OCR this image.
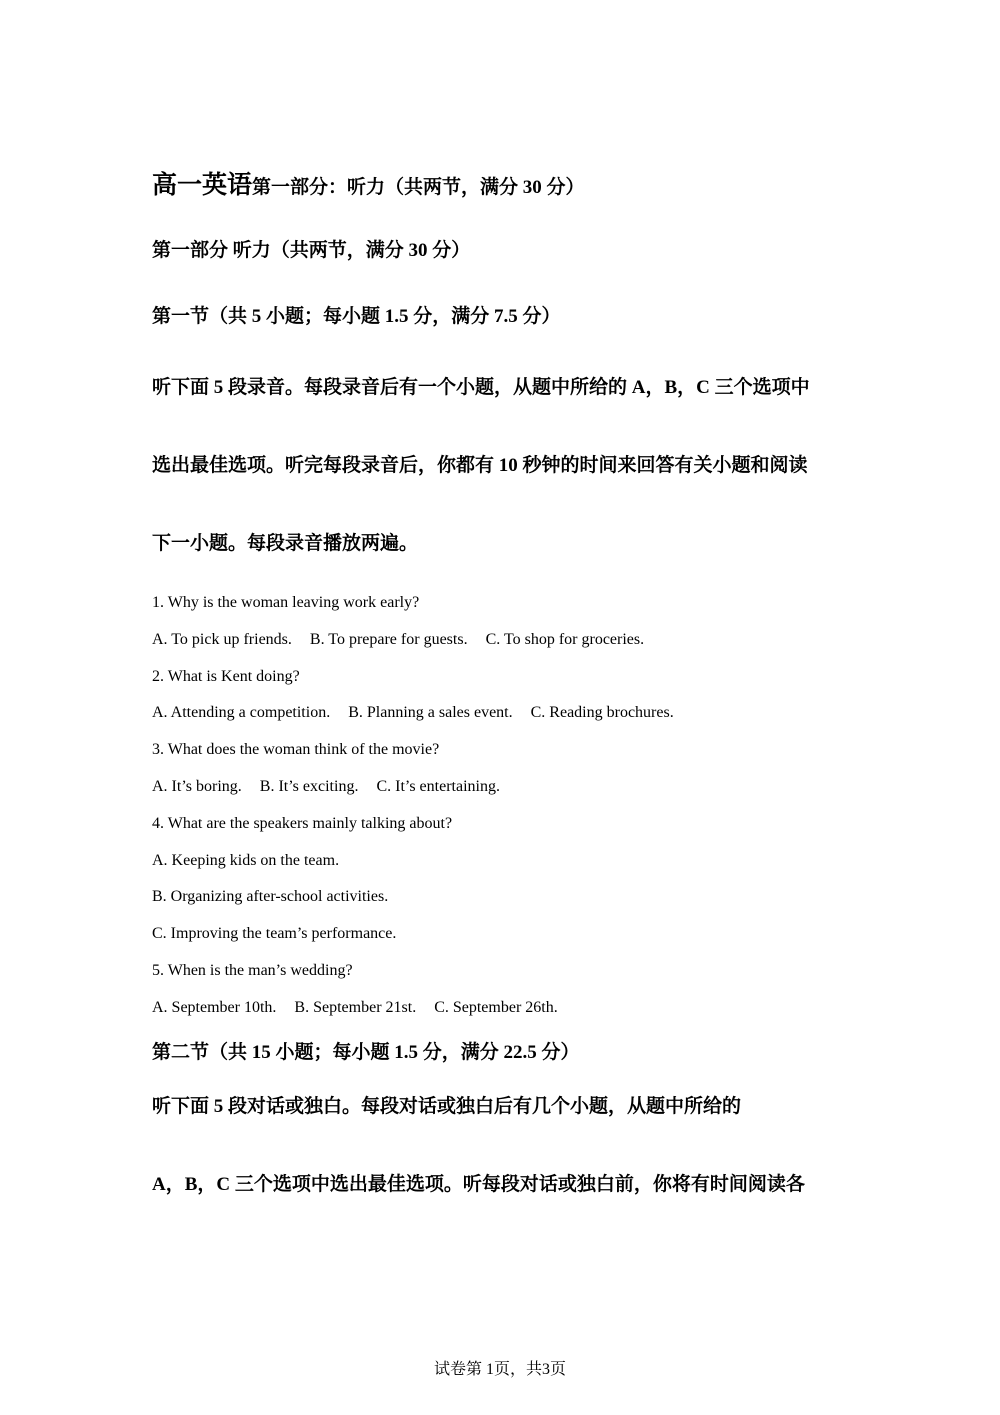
高一英语第一部分：听力（共两节，满分 30 分）
第一部分 听力（共两节，满分 30 分）
第一节（共 5 小题；每小题 1.5 分，满分 7.5 分）
听下面 5 段录音。每段录音后有一个小题，从题中所给的 A，B，C 三个选项中
选出最佳选项。听完每段录音后，你都有 10 秒钟的时间来回答有关小题和阅读
下一小题。每段录音播放两遍。
1. Why is the woman leaving work early?
A. To pick up friends. B. To prepare for guests. C. To shop for groceries.
2. What is Kent doing?
A. Attending a competition. B. Planning a sales event. C. Reading brochures.
3. What does the woman think of the movie?
A. It’s boring. B. It’s exciting. C. It’s entertaining.
4. What are the speakers mainly talking about?
A. Keeping kids on the team.
B. Organizing after-school activities.
C. Improving the team’s performance.
5. When is the man’s wedding?
A. September 10th. B. September 21st. C. September 26th.
第二节（共 15 小题；每小题 1.5 分，满分 22.5 分）
听下面 5 段对话或独白。每段对话或独白后有几个小题，从题中所给的
A，B，C 三个选项中选出最佳选项。听每段对话或独白前，你将有时间阅读各
试卷第 1页，共3页
